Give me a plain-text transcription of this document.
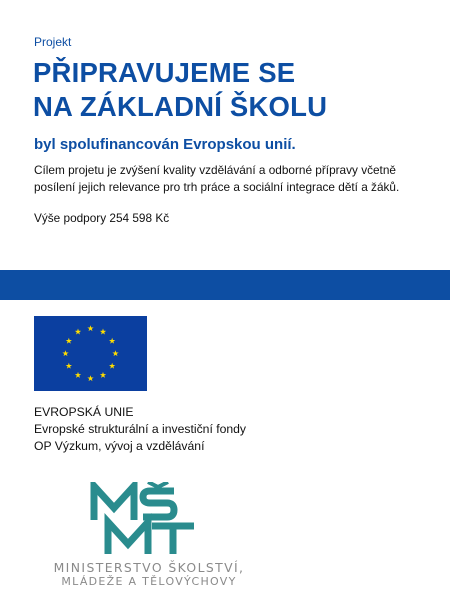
Projekt
PŘIPRAVUJEME SE
NA ZÁKLADNÍ ŠKOLU
byl spolufinancován Evropskou unií.
Cílem projetu je zvýšení kvality vzdělávání a odborné přípravy včetně posílení jejich relevance pro trh práce a sociální integrace dětí a žáků.
Výše podpory 254 598 Kč
EVROPSKÁ UNIE
Evropské strukturální a investiční fondy
OP Výzkum, vývoj a vzdělávání
MINISTERSTVO ŠKOLSTVÍ,
MLÁDEŽE A TĚLOVÝCHOVY
